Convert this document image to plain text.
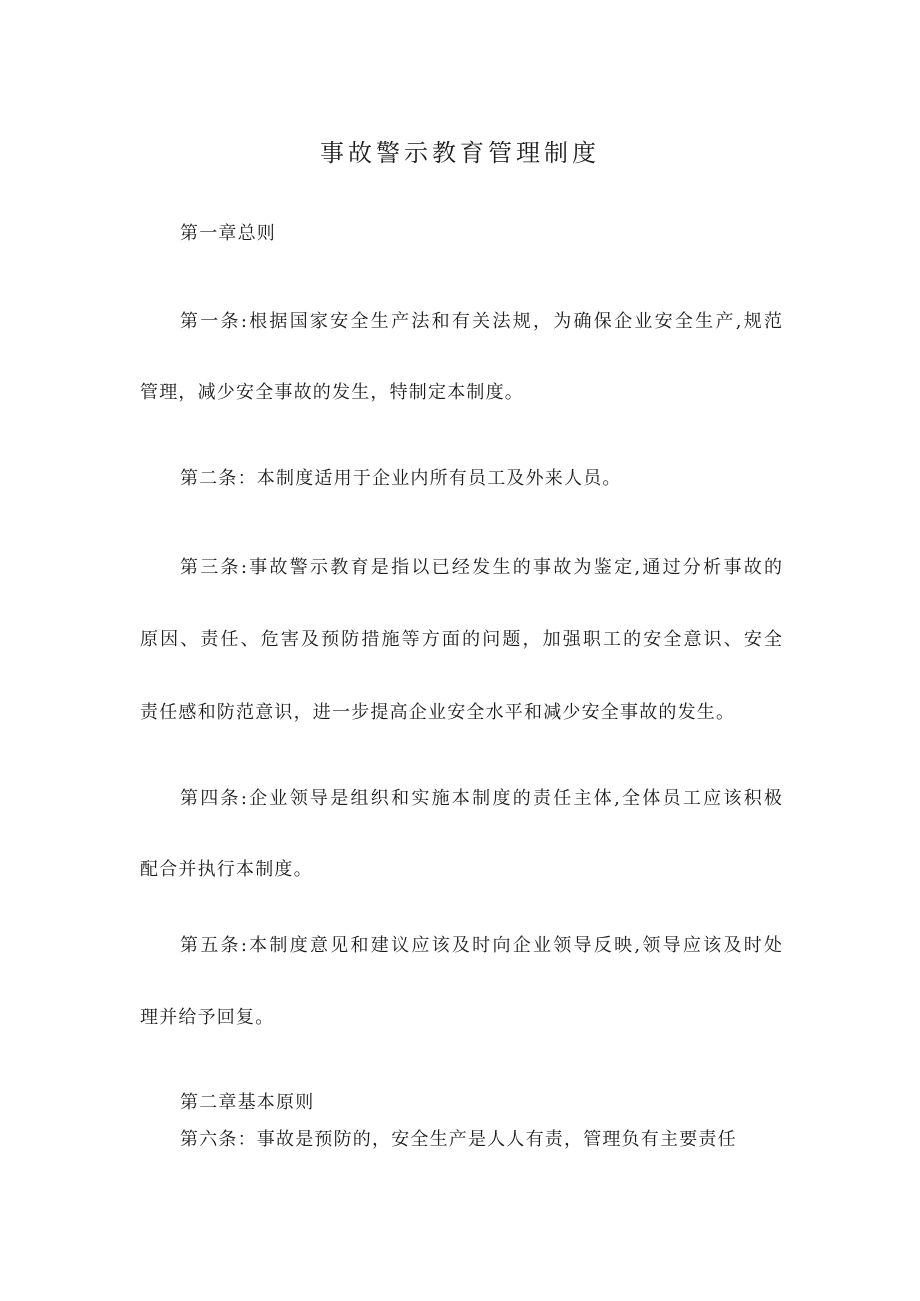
事故警示教育管理制度

第一章总则

第一条:根据国家安全生产法和有关法规，为确保企业安全生产,规范

管理，减少安全事故的发生，特制定本制度。

第二条：本制度适用于企业内所有员工及外来人员。

第三条:事故警示教育是指以已经发生的事故为鉴定,通过分析事故的

原因、责任、危害及预防措施等方面的问题，加强职工的安全意识、安全

责任感和防范意识，进一步提高企业安全水平和减少安全事故的发生。

第四条:企业领导是组织和实施本制度的责任主体,全体员工应该积极

配合并执行本制度。

第五条:本制度意见和建议应该及时向企业领导反映,领导应该及时处

理并给予回复。

第二章基本原则

第六条：事故是预防的，安全生产是人人有责，管理负有主要责任
